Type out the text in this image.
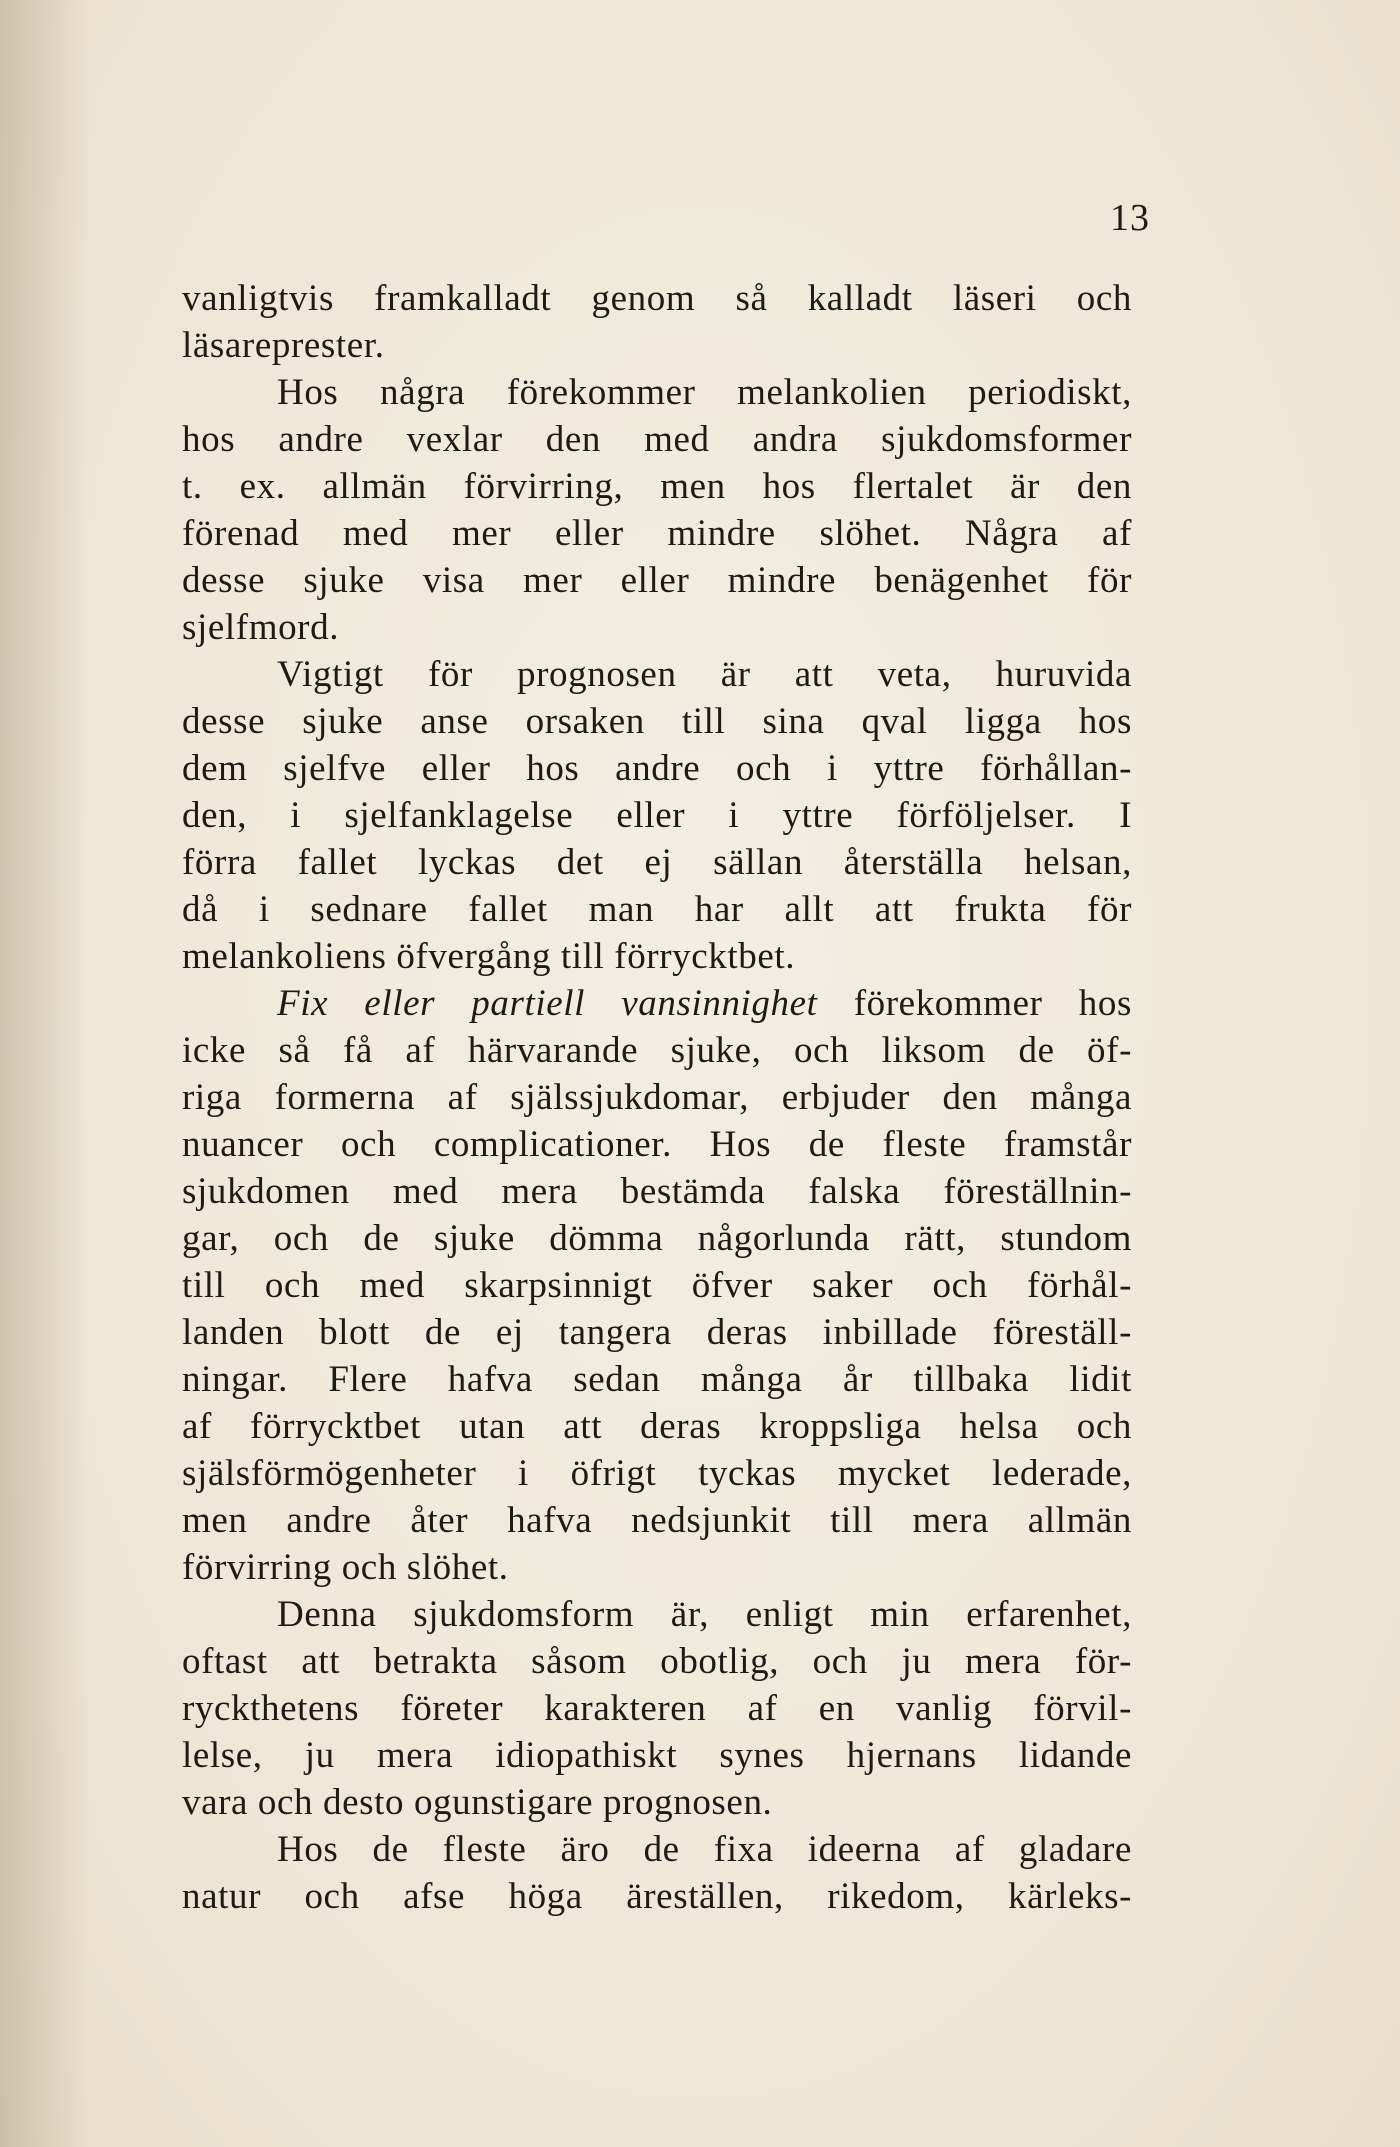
13
vanligtvis framkalladt genom så kalladt läseri och
läsareprester.
Hos några förekommer melankolien periodiskt,
hos andre vexlar den med andra sjukdomsformer
t. ex. allmän förvirring, men hos flertalet är den
förenad med mer eller mindre slöhet. Några af
desse sjuke visa mer eller mindre benägenhet för
sjelfmord.
Vigtigt för prognosen är att veta, huruvida
desse sjuke anse orsaken till sina qval ligga hos
dem sjelfve eller hos andre och i yttre förhållan-
den, i sjelfanklagelse eller i yttre förföljelser. I
förra fallet lyckas det ej sällan återställa helsan,
då i sednare fallet man har allt att frukta för
melankoliens öfvergång till förrycktbet.
Fix eller partiell vansinnighet förekommer hos
icke så få af härvarande sjuke, och liksom de öf-
riga formerna af själssjukdomar, erbjuder den många
nuancer och complicationer. Hos de fleste framstår
sjukdomen med mera bestämda falska föreställnin-
gar, och de sjuke dömma någorlunda rätt, stundom
till och med skarpsinnigt öfver saker och förhål-
landen blott de ej tangera deras inbillade föreställ-
ningar. Flere hafva sedan många år tillbaka lidit
af förrycktbet utan att deras kroppsliga helsa och
själsförmögenheter i öfrigt tyckas mycket lederade,
men andre åter hafva nedsjunkit till mera allmän
förvirring och slöhet.
Denna sjukdomsform är, enligt min erfarenhet,
oftast att betrakta såsom obotlig, och ju mera för-
ryckthetens företer karakteren af en vanlig förvil-
lelse, ju mera idiopathiskt synes hjernans lidande
vara och desto ogunstigare prognosen.
Hos de fleste äro de fixa ideerna af gladare
natur och afse höga äreställen, rikedom, kärleks-
